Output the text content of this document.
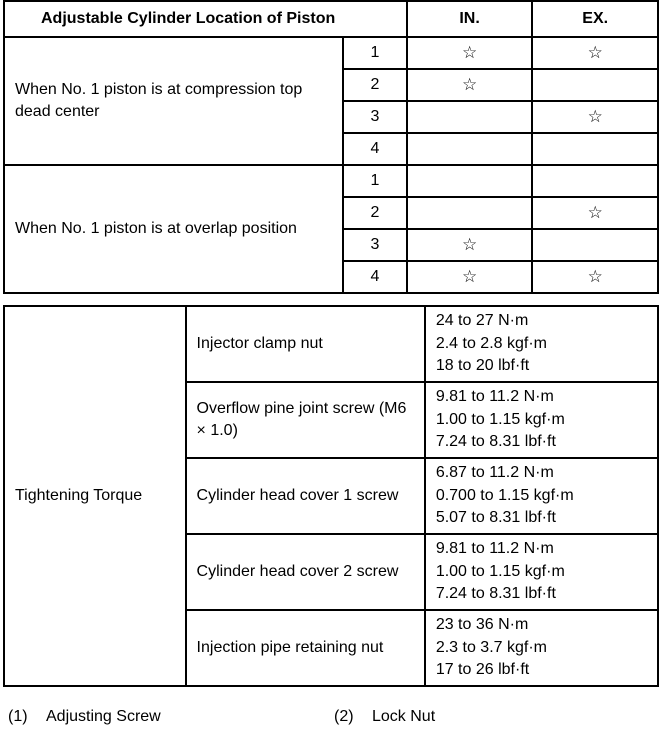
Adjustable Cylinder Location of Piston		IN.	EX.
When No. 1 piston is at compression top dead center	1	☆	☆
	2	☆	
	3		☆
	4		
When No. 1 piston is at overlap position	1		
	2		☆
	3	☆	
	4	☆	☆
Tightening Torque	Injector clamp nut	24 to 27 N·m
2.4 to 2.8 kgf·m
18 to 20 lbf·ft

	Overflow pine joint screw (M6 × 1.0)	9.81 to 11.2 N·m
1.00 to 1.15 kgf·m
7.24 to 8.31 lbf·ft

	Cylinder head cover 1 screw	6.87 to 11.2 N·m
0.700 to 1.15 kgf·m
5.07 to 8.31 lbf·ft

	Cylinder head cover 2 screw	9.81 to 11.2 N·m
1.00 to 1.15 kgf·m
7.24 to 8.31 lbf·ft

	Injection pipe retaining nut	23 to 36 N·m
2.3 to 3.7 kgf·m
17 to 26 lbf·ft
(1) Adjusting Screw	(2) Lock Nut
